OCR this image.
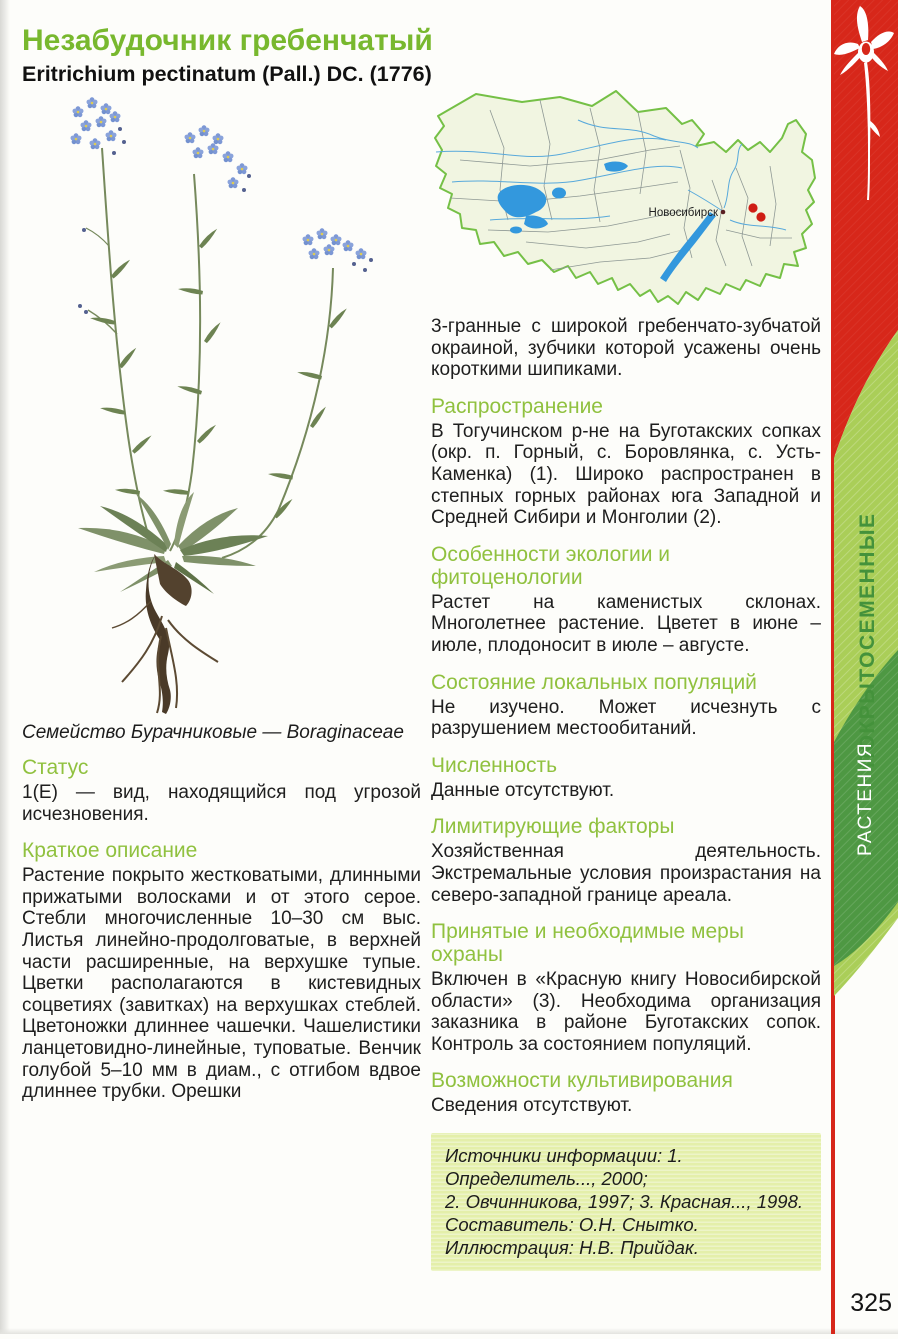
Незабудочник гребенчатый
Eritrichium pectinatum (Pall.) DC. (1776)
Семейство Бурачниковые — Boraginaceae
Статус

1(E) — вид, находящийся под угрозой исчезновения.

Краткое описание

Растение покрыто жестковатыми, длинными прижатыми волосками и от этого серое. Стебли многочисленные 10–30 см выс. Листья линейно-продолговатые, в верхней части расширенные, на верхушке тупые. Цветки располагаются в кистевидных соцветиях (завитках) на верхушках стеблей. Цветоножки длиннее чашечки. Чашелистики ланцетовидно-линейные, туповатые. Венчик голубой 5–10 мм в диам., с отгибом вдвое длиннее трубки. Орешки

Новосибирск

3-гранные с широкой гребенчато-зубчатой окраиной, зубчики которой усажены очень короткими шипиками.

Распространение

В Тогучинском р-не на Буготакских сопках (окр. п. Горный, с. Боровлянка, с. Усть-Каменка) (1). Широко распространен в степных горных районах юга Западной и Средней Сибири и Монголии (2).

Особенности экологии и фитоценологии

Растет на каменистых склонах. Многолетнее растение. Цветет в июне – июле, плодоносит в июле – августе.

Состояние локальных популяций

Не изучено. Может исчезнуть с разрушением местообитаний.

Численность

Данные отсутствуют.

Лимитирующие факторы

Хозяйственная деятельность. Экстремальные условия произрастания на северо-западной границе ареала.

Принятые и необходимые меры охраны

Включен в «Красную книгу Новосибирской области» (3). Необходима организация заказника в районе Буготакских сопок. Контроль за состоянием популяций.

Возможности культивирования

Сведения отсутствуют.

Источники информации: 1. Определитель..., 2000;
2. Овчинникова, 1997; 3. Красная..., 1998.
Составитель: О.Н. Снытко.
Иллюстрация: Н.В. Прийдак.
ПОКРЫТОСЕМЕННЫЕ
РАСТЕНИЯ
325
